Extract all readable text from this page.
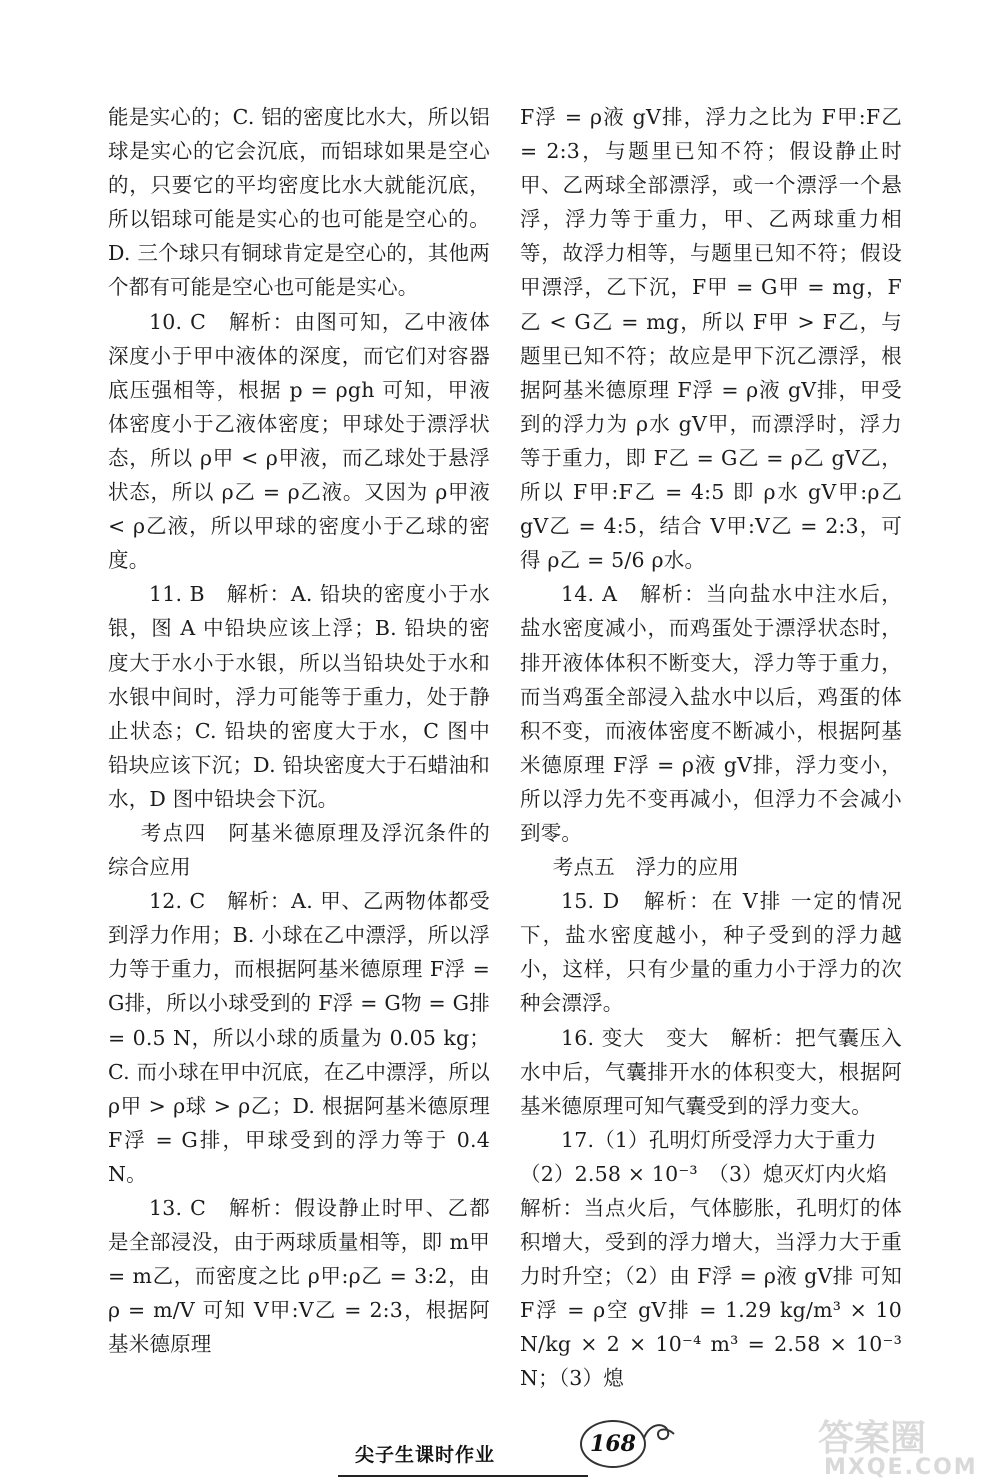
能是实心的；C. 铝的密度比水大，所以铝球是实心的它会沉底，而铝球如果是空心的，只要它的平均密度比水大就能沉底，所以铝球可能是实心的也可能是空心的。D. 三个球只有铜球肯定是空心的，其他两个都有可能是空心也可能是实心。

10. C　解析：由图可知，乙中液体深度小于甲中液体的深度，而它们对容器底压强相等，根据 p = ρgh 可知，甲液体密度小于乙液体密度；甲球处于漂浮状态，所以 ρ甲 < ρ甲液，而乙球处于悬浮状态，所以 ρ乙 = ρ乙液。又因为 ρ甲液 < ρ乙液，所以甲球的密度小于乙球的密度。

11. B　解析：A. 铅块的密度小于水银，图 A 中铅块应该上浮；B. 铅块的密度大于水小于水银，所以当铅块处于水和水银中间时，浮力可能等于重力，处于静止状态；C. 铅块的密度大于水，C 图中铅块应该下沉；D. 铅块密度大于石蜡油和水，D 图中铅块会下沉。

考点四　阿基米德原理及浮沉条件的综合应用

12. C　解析：A. 甲、乙两物体都受到浮力作用；B. 小球在乙中漂浮，所以浮力等于重力，而根据阿基米德原理 F浮 = G排，所以小球受到的 F浮 = G物 = G排 = 0.5 N，所以小球的质量为 0.05 kg；C. 而小球在甲中沉底，在乙中漂浮，所以 ρ甲 > ρ球 > ρ乙；D. 根据阿基米德原理 F浮 = G排，甲球受到的浮力等于 0.4 N。

13. C　解析：假设静止时甲、乙都是全部浸没，由于两球质量相等，即 m甲 = m乙，而密度之比 ρ甲:ρ乙 = 3:2，由 ρ = m/V 可知 V甲:V乙 = 2:3，根据阿基米德原理

F浮 = ρ液 gV排，浮力之比为 F甲:F乙 = 2:3，与题里已知不符；假设静止时甲、乙两球全部漂浮，或一个漂浮一个悬浮，浮力等于重力，甲、乙两球重力相等，故浮力相等，与题里已知不符；假设甲漂浮，乙下沉，F甲 = G甲 = mg，F乙 < G乙 = mg，所以 F甲 > F乙，与题里已知不符；故应是甲下沉乙漂浮，根据阿基米德原理 F浮 = ρ液 gV排，甲受到的浮力为 ρ水 gV甲，而漂浮时，浮力等于重力，即 F乙 = G乙 = ρ乙 gV乙，所以 F甲:F乙 = 4:5 即 ρ水 gV甲:ρ乙 gV乙 = 4:5，结合 V甲:V乙 = 2:3，可得 ρ乙 = 5/6 ρ水。

14. A　解析：当向盐水中注水后，盐水密度减小，而鸡蛋处于漂浮状态时，排开液体体积不断变大，浮力等于重力，而当鸡蛋全部浸入盐水中以后，鸡蛋的体积不变，而液体密度不断减小，根据阿基米德原理 F浮 = ρ液 gV排，浮力变小，所以浮力先不变再减小，但浮力不会减小到零。

考点五　浮力的应用

15. D　解析：在 V排 一定的情况下，盐水密度越小，种子受到的浮力越小，这样，只有少量的重力小于浮力的次种会漂浮。

16. 变大　变大　解析：把气囊压入水中后，气囊排开水的体积变大，根据阿基米德原理可知气囊受到的浮力变大。

17.（1）孔明灯所受浮力大于重力

（2）2.58 × 10⁻³　（3）熄灭灯内火焰

解析：当点火后，气体膨胀，孔明灯的体积增大，受到的浮力增大，当浮力大于重力时升空；（2）由 F浮 = ρ液 gV排 可知 F浮 = ρ空 gV排 = 1.29 kg/m³ × 10 N/kg × 2 × 10⁻⁴ m³ = 2.58 × 10⁻³ N；（3）熄

尖子生课时作业	168	答案圈
MXQE.COM
